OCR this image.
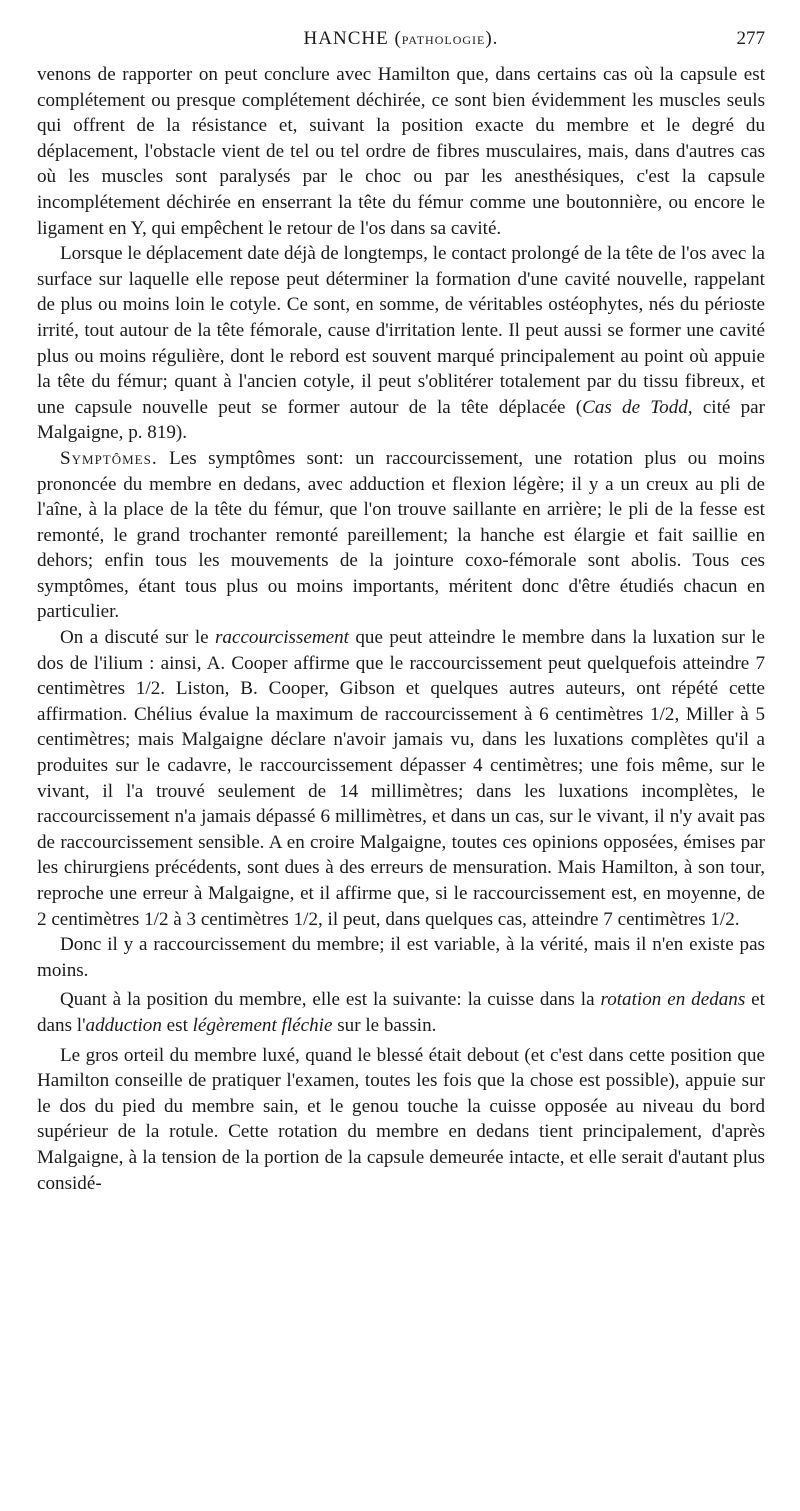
HANCHE (PATHOLOGIE).	277

venons de rapporter on peut conclure avec Hamilton que, dans certains cas où la capsule est complétement ou presque complétement déchirée, ce sont bien évidemment les muscles seuls qui offrent de la résistance et, suivant la position exacte du membre et le degré du déplacement, l'obstacle vient de tel ou tel ordre de fibres musculaires, mais, dans d'autres cas où les muscles sont paralysés par le choc ou par les anesthésiques, c'est la capsule incomplétement déchirée en enserrant la tête du fémur comme une boutonnière, ou encore le ligament en Y, qui empêchent le retour de l'os dans sa cavité.

Lorsque le déplacement date déjà de longtemps, le contact prolongé de la tête de l'os avec la surface sur laquelle elle repose peut déterminer la formation d'une cavité nouvelle, rappelant de plus ou moins loin le cotyle. Ce sont, en somme, de véritables ostéophytes, nés du périoste irrité, tout autour de la tête fémorale, cause d'irritation lente. Il peut aussi se former une cavité plus ou moins régulière, dont le rebord est souvent marqué principalement au point où appuie la tête du fémur; quant à l'ancien cotyle, il peut s'oblitérer totalement par du tissu fibreux, et une capsule nouvelle peut se former autour de la tête déplacée (Cas de Todd, cité par Malgaigne, p. 819).

Symptômes. Les symptômes sont: un raccourcissement, une rotation plus ou moins prononcée du membre en dedans, avec adduction et flexion légère; il y a un creux au pli de l'aîne, à la place de la tête du fémur, que l'on trouve saillante en arrière; le pli de la fesse est remonté, le grand trochanter remonté pareillement; la hanche est élargie et fait saillie en dehors; enfin tous les mouvements de la jointure coxo-fémorale sont abolis. Tous ces symptômes, étant tous plus ou moins importants, méritent donc d'être étudiés chacun en particulier.

On a discuté sur le raccourcissement que peut atteindre le membre dans la luxation sur le dos de l'ilium : ainsi, A. Cooper affirme que le raccourcissement peut quelquefois atteindre 7 centimètres 1/2. Liston, B. Cooper, Gibson et quelques autres auteurs, ont répété cette affirmation. Chélius évalue la maximum de raccourcissement à 6 centimètres 1/2, Miller à 5 centimètres; mais Malgaigne déclare n'avoir jamais vu, dans les luxations complètes qu'il a produites sur le cadavre, le raccourcissement dépasser 4 centimètres; une fois même, sur le vivant, il l'a trouvé seulement de 14 millimètres; dans les luxations incomplètes, le raccourcissement n'a jamais dépassé 6 millimètres, et dans un cas, sur le vivant, il n'y avait pas de raccourcissement sensible. A en croire Malgaigne, toutes ces opinions opposées, émises par les chirurgiens précédents, sont dues à des erreurs de mensuration. Mais Hamilton, à son tour, reproche une erreur à Malgaigne, et il affirme que, si le raccourcissement est, en moyenne, de 2 centimètres 1/2 à 3 centimètres 1/2, il peut, dans quelques cas, atteindre 7 centimètres 1/2.

Donc il y a raccourcissement du membre; il est variable, à la vérité, mais il n'en existe pas moins.

Quant à la position du membre, elle est la suivante: la cuisse dans la rotation en dedans et dans l'adduction est légèrement fléchie sur le bassin.

Le gros orteil du membre luxé, quand le blessé était debout (et c'est dans cette position que Hamilton conseille de pratiquer l'examen, toutes les fois que la chose est possible), appuie sur le dos du pied du membre sain, et le genou touche la cuisse opposée au niveau du bord supérieur de la rotule. Cette rotation du membre en dedans tient principalement, d'après Malgaigne, à la tension de la portion de la capsule demeurée intacte, et elle serait d'autant plus considé-
